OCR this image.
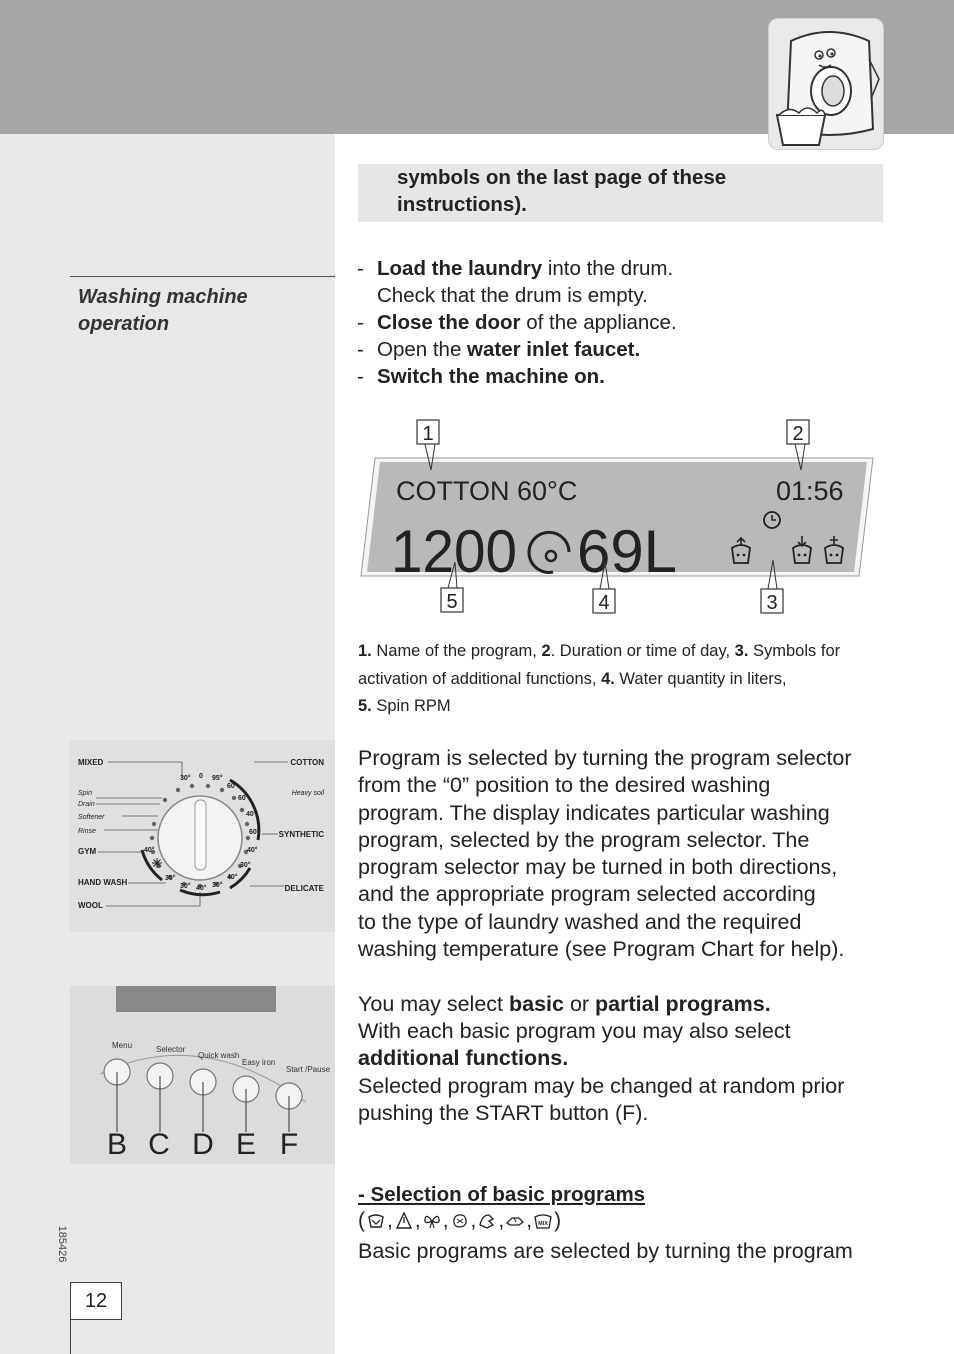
symbols on the last page of these
instructions).
Washing machine
operation
- Load the laundry into the drum.
Check that the drum is empty.
- Close the door of the appliance.
- Open the water inlet faucet.
- Switch the machine on.
COTTON 60°C	01:56
1200 69L
1	2
3
4
5
1. Name of the program, 2. Duration or time of day, 3. Symbols for activation of additional functions, 4. Water quantity in liters,
5. Spin RPM
MIXED
Spin
Drain
Softener
Rinse
GYM
HAND WASH
WOOL
COTTON
Heavy soil
SYNTHETIC
DELICATE
30° 0 95°
60°
60°
40°
60°
40°
30°
40°
30°
40°
30°
30°
40°
Menu	Selector
Quick wash
Easy iron
Start /Pause
B C D E F
Program is selected by turning the program selector
from the “0” position to the desired washing
program. The display indicates particular washing
program, selected by the program selector. The
program selector may be turned in both directions,
and the appropriate program selected according
to the type of laundry washed and the required
washing temperature (see Program Chart for help).
You may select basic or partial programs.
With each basic program you may also select
additional functions.
Selected program may be changed at random prior
pushing the START button (F).
- Selection of basic programs
( , , , , , , MIX )
Basic programs are selected by turning the program
185426
12
